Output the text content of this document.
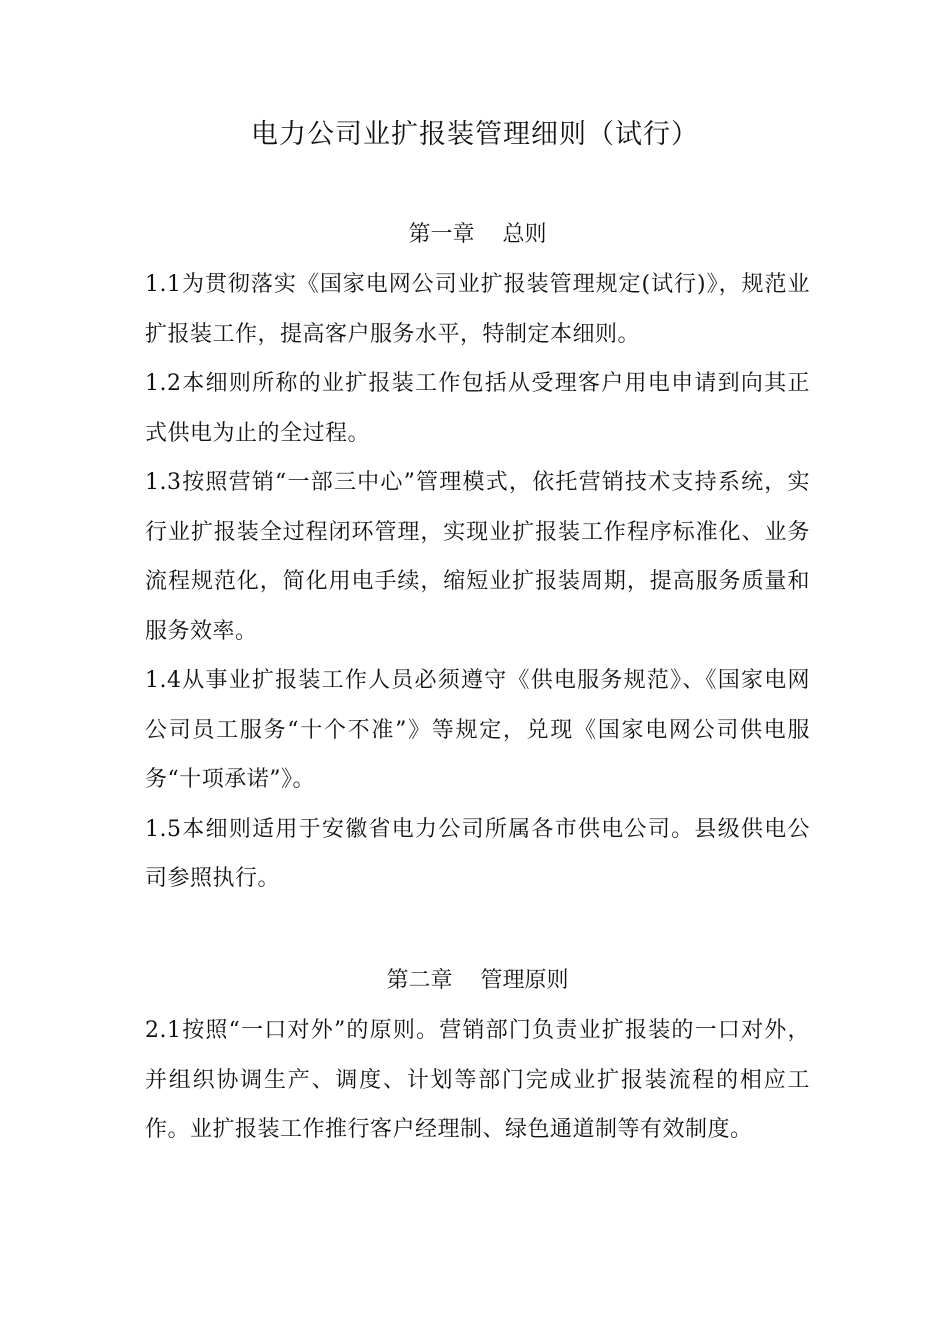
电力公司业扩报装管理细则（试行）
第一章    总则

1.1为贯彻落实《国家电网公司业扩报装管理规定(试行)》，规范业扩报装工作，提高客户服务水平，特制定本细则。

1.2本细则所称的业扩报装工作包括从受理客户用电申请到向其正式供电为止的全过程。

1.3按照营销“一部三中心”管理模式，依托营销技术支持系统，实行业扩报装全过程闭环管理，实现业扩报装工作程序标准化、业务流程规范化，简化用电手续，缩短业扩报装周期，提高服务质量和服务效率。

1.4从事业扩报装工作人员必须遵守《供电服务规范》、《国家电网公司员工服务“十个不准”》等规定，兑现《国家电网公司供电服务“十项承诺”》。

1.5本细则适用于安徽省电力公司所属各市供电公司。县级供电公司参照执行。

第二章    管理原则

2.1按照“一口对外”的原则。营销部门负责业扩报装的一口对外，并组织协调生产、调度、计划等部门完成业扩报装流程的相应工作。业扩报装工作推行客户经理制、绿色通道制等有效制度。
